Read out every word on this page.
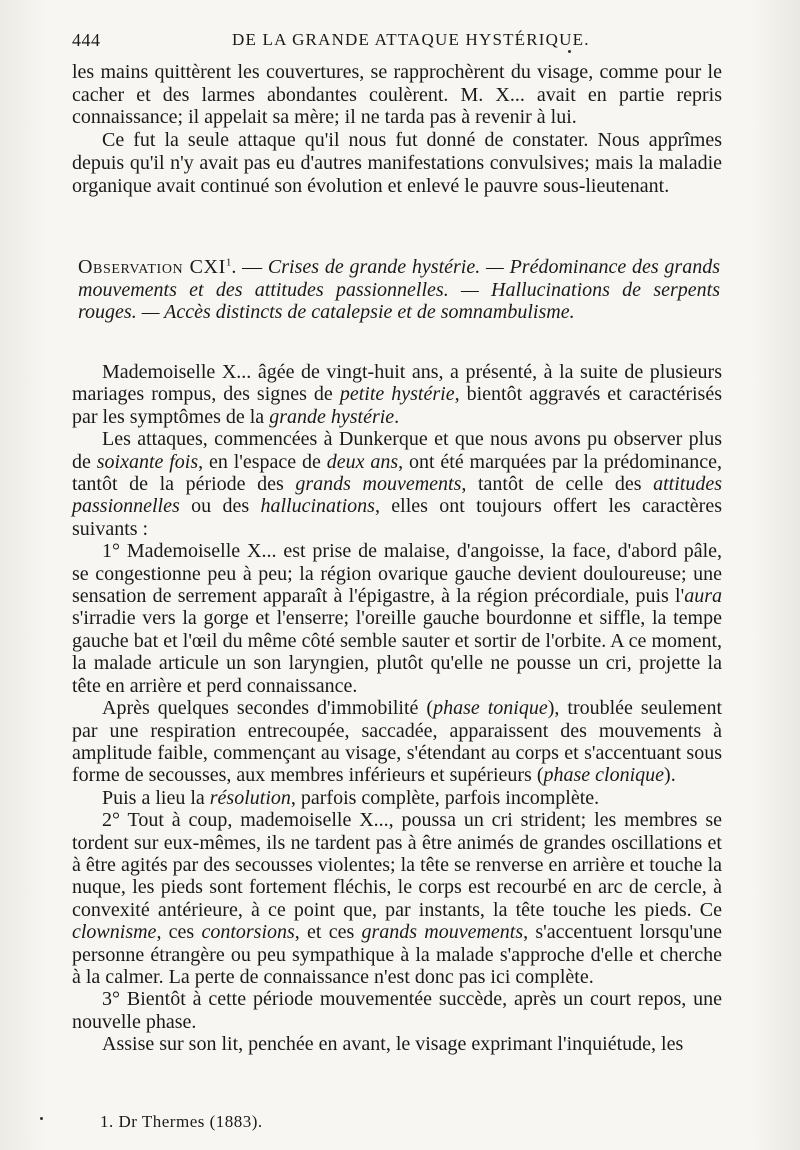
444	DE LA GRANDE ATTAQUE HYSTÉRIQUE.

les mains quittèrent les couvertures, se rapprochèrent du visage, comme pour le cacher et des larmes abondantes coulèrent. M. X... avait en partie repris connaissance; il appelait sa mère; il ne tarda pas à revenir à lui.

Ce fut la seule attaque qu'il nous fut donné de constater. Nous apprîmes depuis qu'il n'y avait pas eu d'autres manifestations convulsives; mais la maladie organique avait continué son évolution et enlevé le pauvre sous-lieutenant.

Observation CXI$^1$. — Crises de grande hystérie. — Prédominance des grands mouvements et des attitudes passionnelles. — Hallucinations de serpents rouges. — Accès distincts de catalepsie et de somnambulisme.

Mademoiselle X... âgée de vingt-huit ans, a présenté, à la suite de plusieurs mariages rompus, des signes de petite hystérie, bientôt aggravés et caractérisés par les symptômes de la grande hystérie.

Les attaques, commencées à Dunkerque et que nous avons pu observer plus de soixante fois, en l'espace de deux ans, ont été marquées par la prédominance, tantôt de la période des grands mouvements, tantôt de celle des attitudes passionnelles ou des hallucinations, elles ont toujours offert les caractères suivants :

1° Mademoiselle X... est prise de malaise, d'angoisse, la face, d'abord pâle, se congestionne peu à peu; la région ovarique gauche devient douloureuse; une sensation de serrement apparaît à l'épigastre, à la région précordiale, puis l'aura s'irradie vers la gorge et l'enserre; l'oreille gauche bourdonne et siffle, la tempe gauche bat et l'œil du même côté semble sauter et sortir de l'orbite. A ce moment, la malade articule un son laryngien, plutôt qu'elle ne pousse un cri, projette la tête en arrière et perd connaissance.

Après quelques secondes d'immobilité (phase tonique), troublée seulement par une respiration entrecoupée, saccadée, apparaissent des mouvements à amplitude faible, commençant au visage, s'étendant au corps et s'accentuant sous forme de secousses, aux membres inférieurs et supérieurs (phase clonique).

Puis a lieu la résolution, parfois complète, parfois incomplète.

2° Tout à coup, mademoiselle X..., poussa un cri strident; les membres se tordent sur eux-mêmes, ils ne tardent pas à être animés de grandes oscillations et à être agités par des secousses violentes; la tête se renverse en arrière et touche la nuque, les pieds sont fortement fléchis, le corps est recourbé en arc de cercle, à convexité antérieure, à ce point que, par instants, la tête touche les pieds. Ce clownisme, ces contorsions, et ces grands mouvements, s'accentuent lorsqu'une personne étrangère ou peu sympathique à la malade s'approche d'elle et cherche à la calmer. La perte de connaissance n'est donc pas ici complète.

3° Bientôt à cette période mouvementée succède, après un court repos, une nouvelle phase.

Assise sur son lit, penchée en avant, le visage exprimant l'inquiétude, les

1. Dr Thermes (1883).
